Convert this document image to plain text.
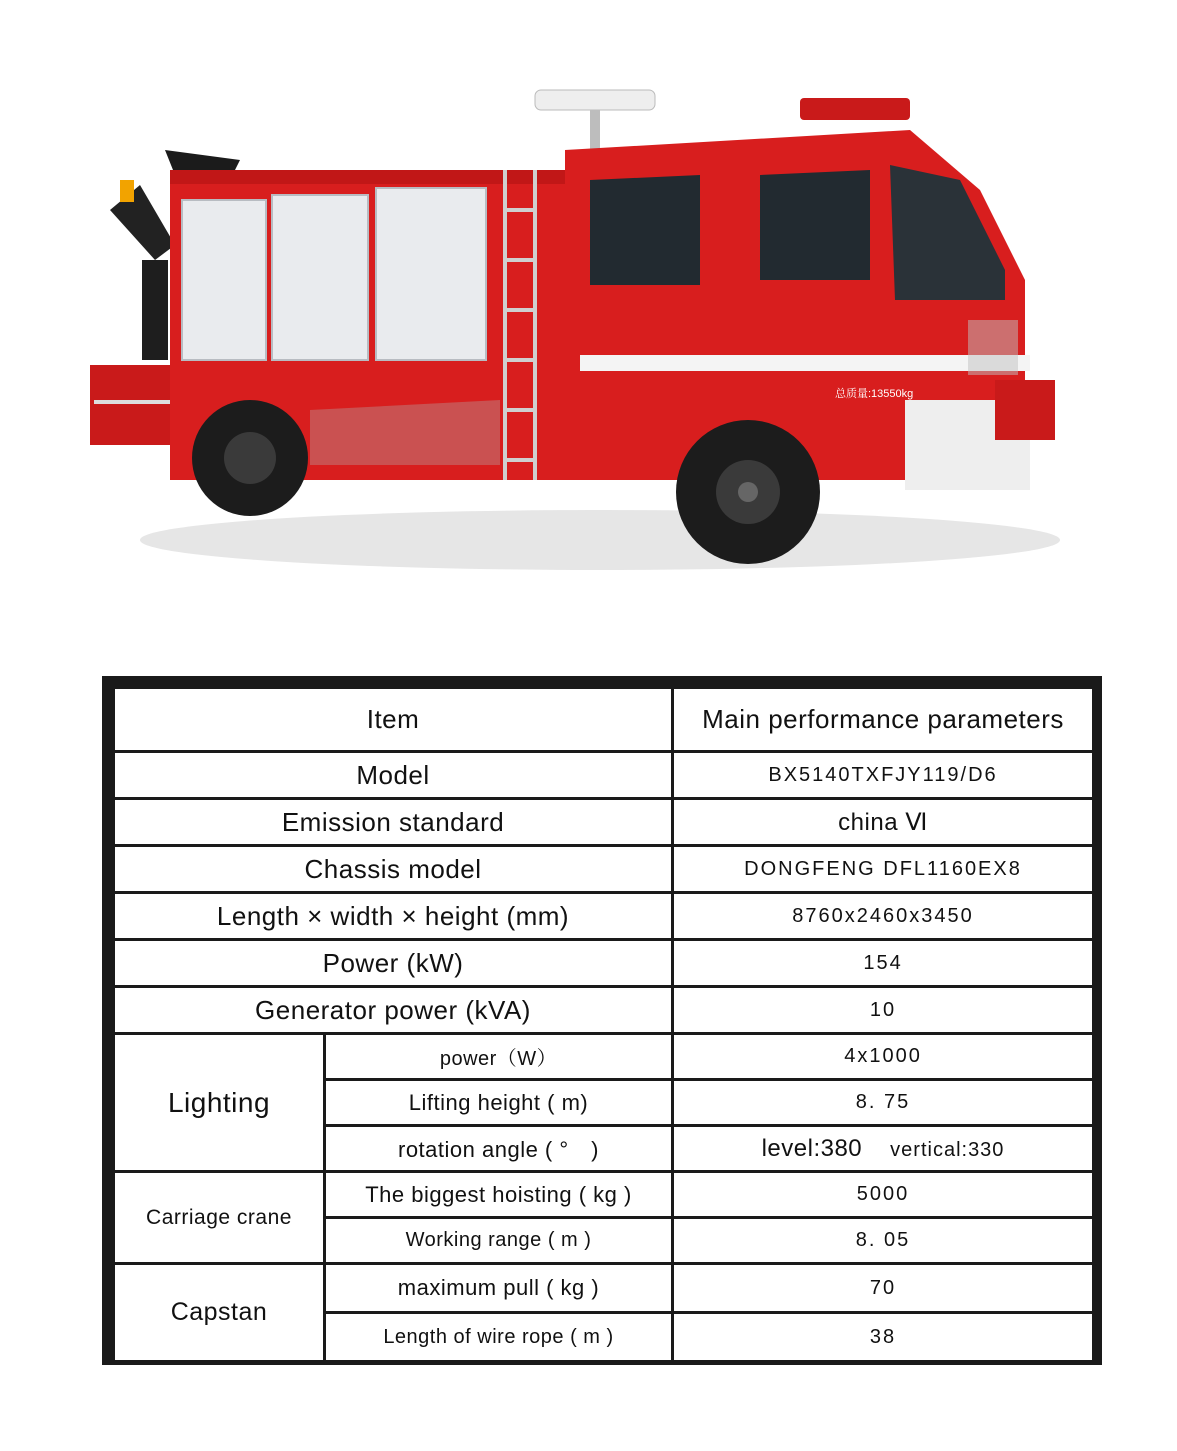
总质量:13550kg
Item		Main performance parameters
Model		BX5140TXFJY119/D6
Emission standard		china Ⅵ
Chassis model		DONGFENG DFL1160EX8
Length × width × height (mm)		8760x2460x3450
Power (kW)		154
Generator power (kVA)		10
Lighting	power（W）	4x1000
	Lifting height ( m)	8. 75
	rotation angle ( °　)	level:380 vertical:330
Carriage crane	The biggest hoisting ( kg )	5000
	Working range ( m )	8. 05
Capstan	maximum pull ( kg )	70
	Length of wire rope ( m )	38
